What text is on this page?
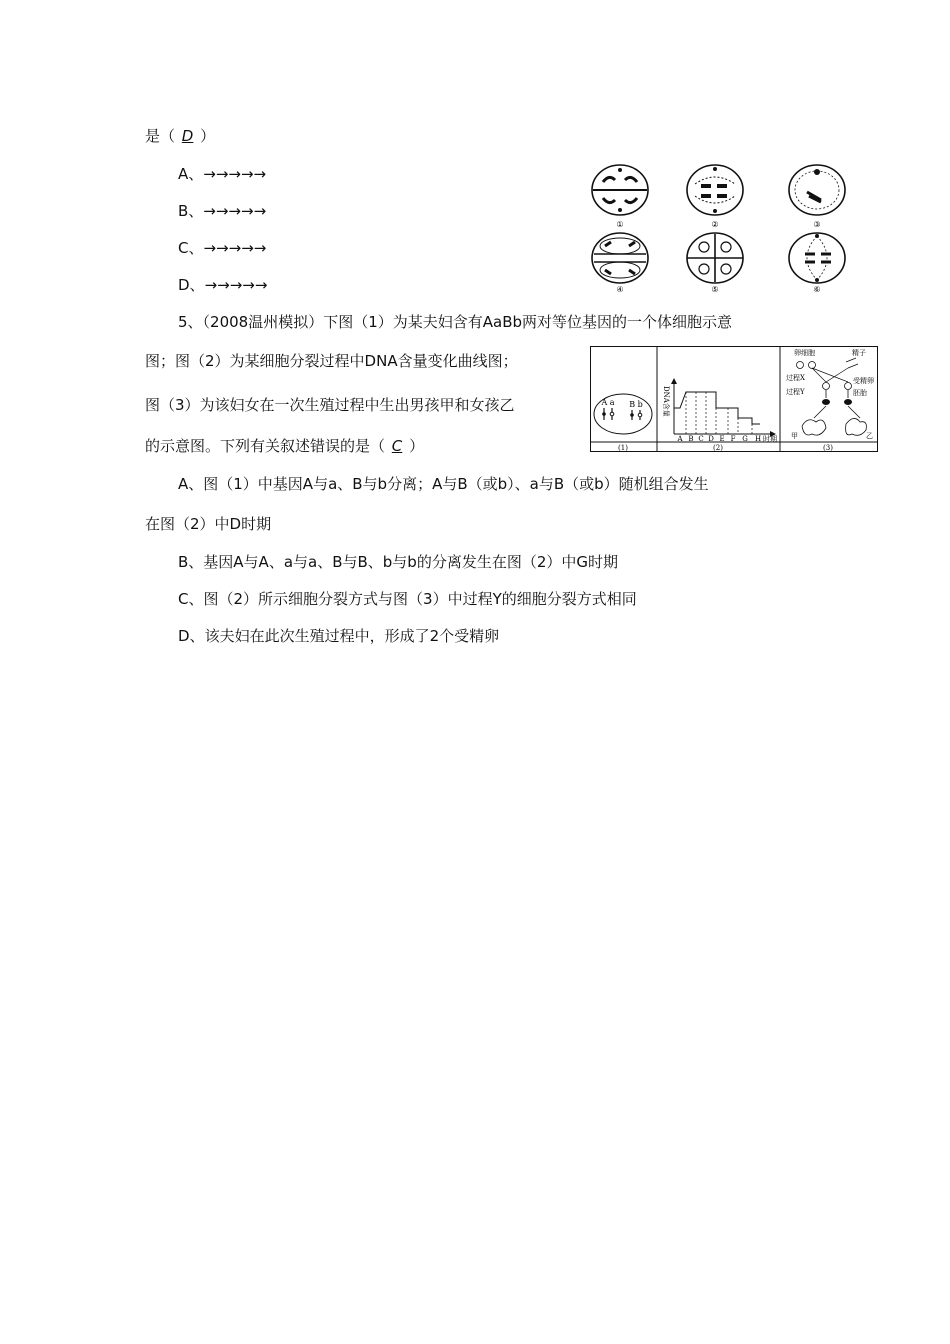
是（ D ）
A、→→→→→
B、→→→→→
C、→→→→→
D、→→→→→
①	②	③
④	⑤	⑥
5、（2008温州模拟）下图（1）为某夫妇含有AaBb两对等位基因的一个体细胞示意
图；图（2）为某细胞分裂过程中DNA含量变化曲线图；
图（3）为该妇女在一次生殖过程中生出男孩甲和女孩乙
的示意图。下列有关叙述错误的是（ C ）
A a B b
(1)
DNA含量
A B C D E F G H 时期
(2)
卵细胞	精子
过程X
过程Y
受精卵
胚胎
甲	乙
(3)
A、图（1）中基因A与a、B与b分离；A与B（或b）、a与B（或b）随机组合发生
在图（2）中D时期
B、基因A与A、a与a、B与B、b与b的分离发生在图（2）中G时期
C、图（2）所示细胞分裂方式与图（3）中过程Y的细胞分裂方式相同
D、该夫妇在此次生殖过程中，形成了2个受精卵
